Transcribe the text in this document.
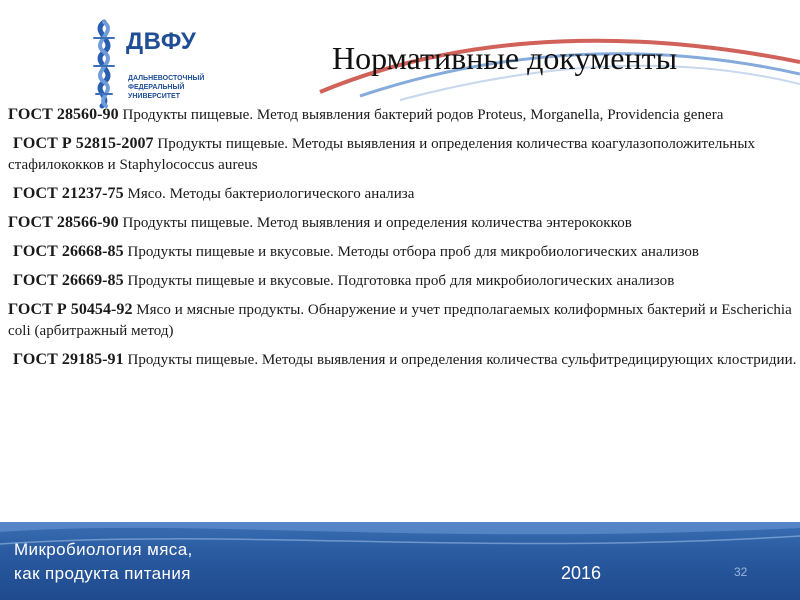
ДВФУ
ДАЛЬНЕВОСТОЧНЫЙ
ФЕДЕРАЛЬНЫЙ
УНИВЕРСИТЕТ
Нормативные документы

ГОСТ 28560-90 Продукты пищевые. Метод выявления бактерий родов Proteus, Morganella, Providencia genera

ГОСТ Р 52815-2007 Продукты пищевые. Методы выявления и определения количества коагулазоположительных стафилококков и Staphylococcus aureus

ГОСТ 21237-75 Мясо. Методы бактериологического анализа

ГОСТ 28566-90 Продукты пищевые. Метод выявления и определения количества энтерококков

ГОСТ 26668-85 Продукты пищевые и вкусовые. Методы отбора проб для микробиологических анализов

ГОСТ 26669-85 Продукты пищевые и вкусовые. Подготовка проб для микробиологических анализов

ГОСТ Р 50454-92 Мясо и мясные продукты. Обнаружение и учет предполагаемых колиформных бактерий и Escherichia coli (арбитражный метод)

ГОСТ 29185-91 Продукты пищевые. Методы выявления и определения количества сульфитредицирующих клостридии.

Микробиология мяса,
как продукта питания	2016	32
